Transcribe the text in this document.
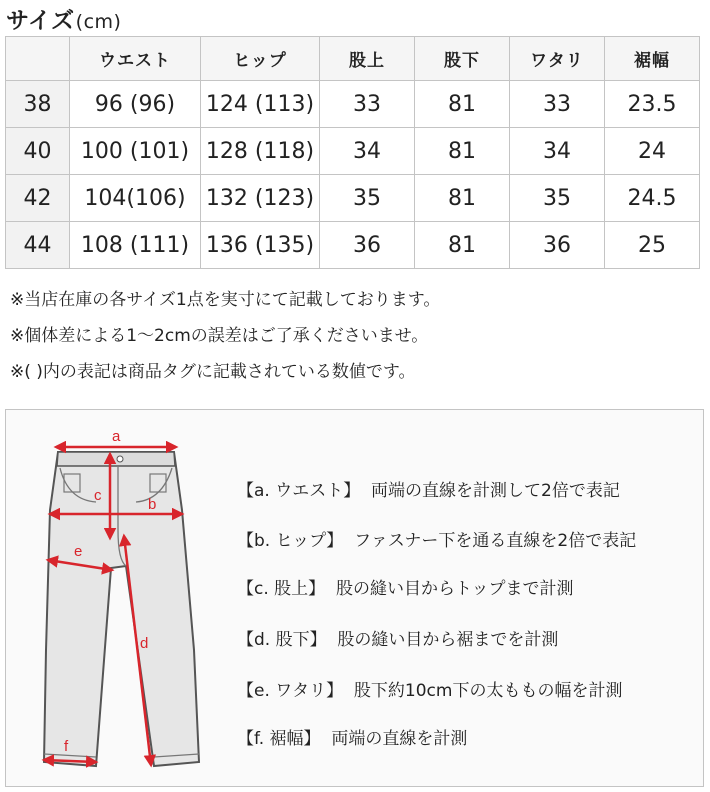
サイズ(cm)
	ウエスト	ヒップ	股上	股下	ワタリ	裾幅
38	96 (96)	124 (113)	33	81	33	23.5
40	100 (101)	128 (118)	34	81	34	24
42	104(106)	132 (123)	35	81	35	24.5
44	108 (111)	136 (135)	36	81	36	25
※当店在庫の各サイズ1点を実寸にて記載しております。
※個体差による1〜2cmの誤差はご了承くださいませ。
※( )内の表記は商品タグに記載されている数値です。
a
b
c
d
e
f
【a. ウエスト】 両端の直線を計測して2倍で表記
【b. ヒップ】 ファスナー下を通る直線を2倍で表記
【c. 股上】 股の縫い目からトップまで計測
【d. 股下】 股の縫い目から裾までを計測
【e. ワタリ】 股下約10cm下の太ももの幅を計測
【f. 裾幅】 両端の直線を計測
